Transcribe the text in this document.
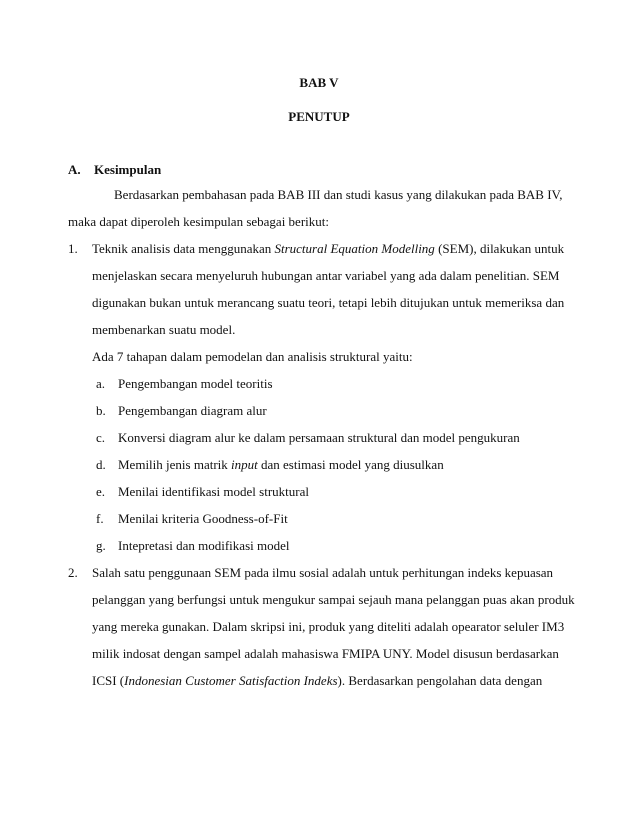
BAB V
PENUTUP
A. Kesimpulan
Berdasarkan pembahasan pada BAB III dan studi kasus yang dilakukan pada BAB IV,
maka dapat diperoleh kesimpulan sebagai berikut:
1. Teknik analisis data menggunakan Structural Equation Modelling (SEM), dilakukan untuk
menjelaskan secara menyeluruh hubungan antar variabel yang ada dalam penelitian. SEM
digunakan bukan untuk merancang suatu teori, tetapi lebih ditujukan untuk memeriksa dan
membenarkan suatu model.
Ada 7 tahapan dalam pemodelan dan analisis struktural yaitu:
a. Pengembangan model teoritis
b. Pengembangan diagram alur
c. Konversi diagram alur ke dalam persamaan struktural dan model pengukuran
d. Memilih jenis matrik input dan estimasi model yang diusulkan
e. Menilai identifikasi model struktural
f. Menilai kriteria Goodness-of-Fit
g. Intepretasi dan modifikasi model
2. Salah satu penggunaan SEM pada ilmu sosial adalah untuk perhitungan indeks kepuasan
pelanggan yang berfungsi untuk mengukur sampai sejauh mana pelanggan puas akan produk
yang mereka gunakan. Dalam skripsi ini, produk yang diteliti adalah opearator seluler IM3
milik indosat dengan sampel adalah mahasiswa FMIPA UNY. Model disusun berdasarkan
ICSI (Indonesian Customer Satisfaction Indeks). Berdasarkan pengolahan data dengan
